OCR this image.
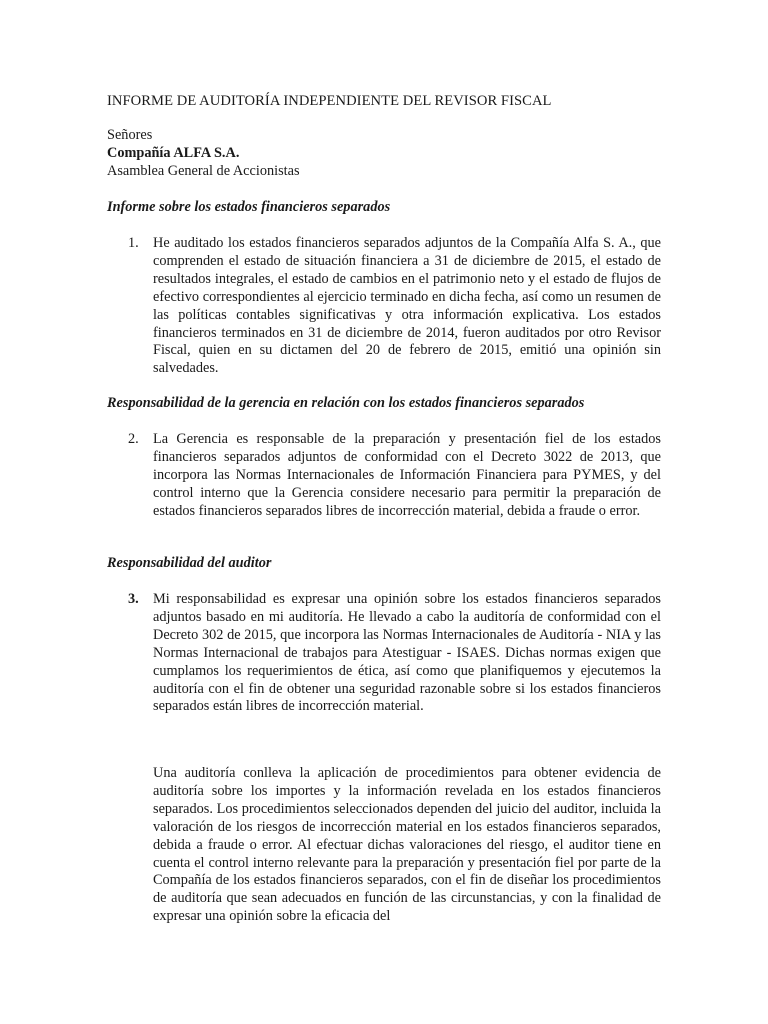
INFORME DE AUDITORÍA INDEPENDIENTE DEL REVISOR FISCAL
Señores
Compañía ALFA S.A.
Asamblea General de Accionistas
Informe sobre los estados financieros separados
1. He auditado los estados financieros separados adjuntos de la Compañía Alfa S. A., que comprenden el estado de situación financiera a 31 de diciembre de 2015, el estado de resultados integrales, el estado de cambios en el patrimonio neto y el estado de flujos de efectivo correspondientes al ejercicio terminado en dicha fecha, así como un resumen de las políticas contables significativas y otra información explicativa. Los estados financieros terminados en 31 de diciembre de 2014, fueron auditados por otro Revisor Fiscal, quien en su dictamen del 20 de febrero de 2015, emitió una opinión sin salvedades.
Responsabilidad de la gerencia en relación con los estados financieros separados
2. La Gerencia es responsable de la preparación y presentación fiel de los estados financieros separados adjuntos de conformidad con el Decreto 3022 de 2013, que incorpora las Normas Internacionales de Información Financiera para PYMES, y del control interno que la Gerencia considere necesario para permitir la preparación de estados financieros separados libres de incorrección material, debida a fraude o error.
Responsabilidad del auditor
3. Mi responsabilidad es expresar una opinión sobre los estados financieros separados adjuntos basado en mi auditoría. He llevado a cabo la auditoría de conformidad con el Decreto 302 de 2015, que incorpora las Normas Internacionales de Auditoría - NIA y las Normas Internacional de trabajos para Atestiguar - ISAES. Dichas normas exigen que cumplamos los requerimientos de ética, así como que planifiquemos y ejecutemos la auditoría con el fin de obtener una seguridad razonable sobre si los estados financieros separados están libres de incorrección material.
Una auditoría conlleva la aplicación de procedimientos para obtener evidencia de auditoría sobre los importes y la información revelada en los estados financieros separados. Los procedimientos seleccionados dependen del juicio del auditor, incluida la valoración de los riesgos de incorrección material en los estados financieros separados, debida a fraude o error. Al efectuar dichas valoraciones del riesgo, el auditor tiene en cuenta el control interno relevante para la preparación y presentación fiel por parte de la Compañía de los estados financieros separados, con el fin de diseñar los procedimientos de auditoría que sean adecuados en función de las circunstancias, y con la finalidad de expresar una opinión sobre la eficacia del
